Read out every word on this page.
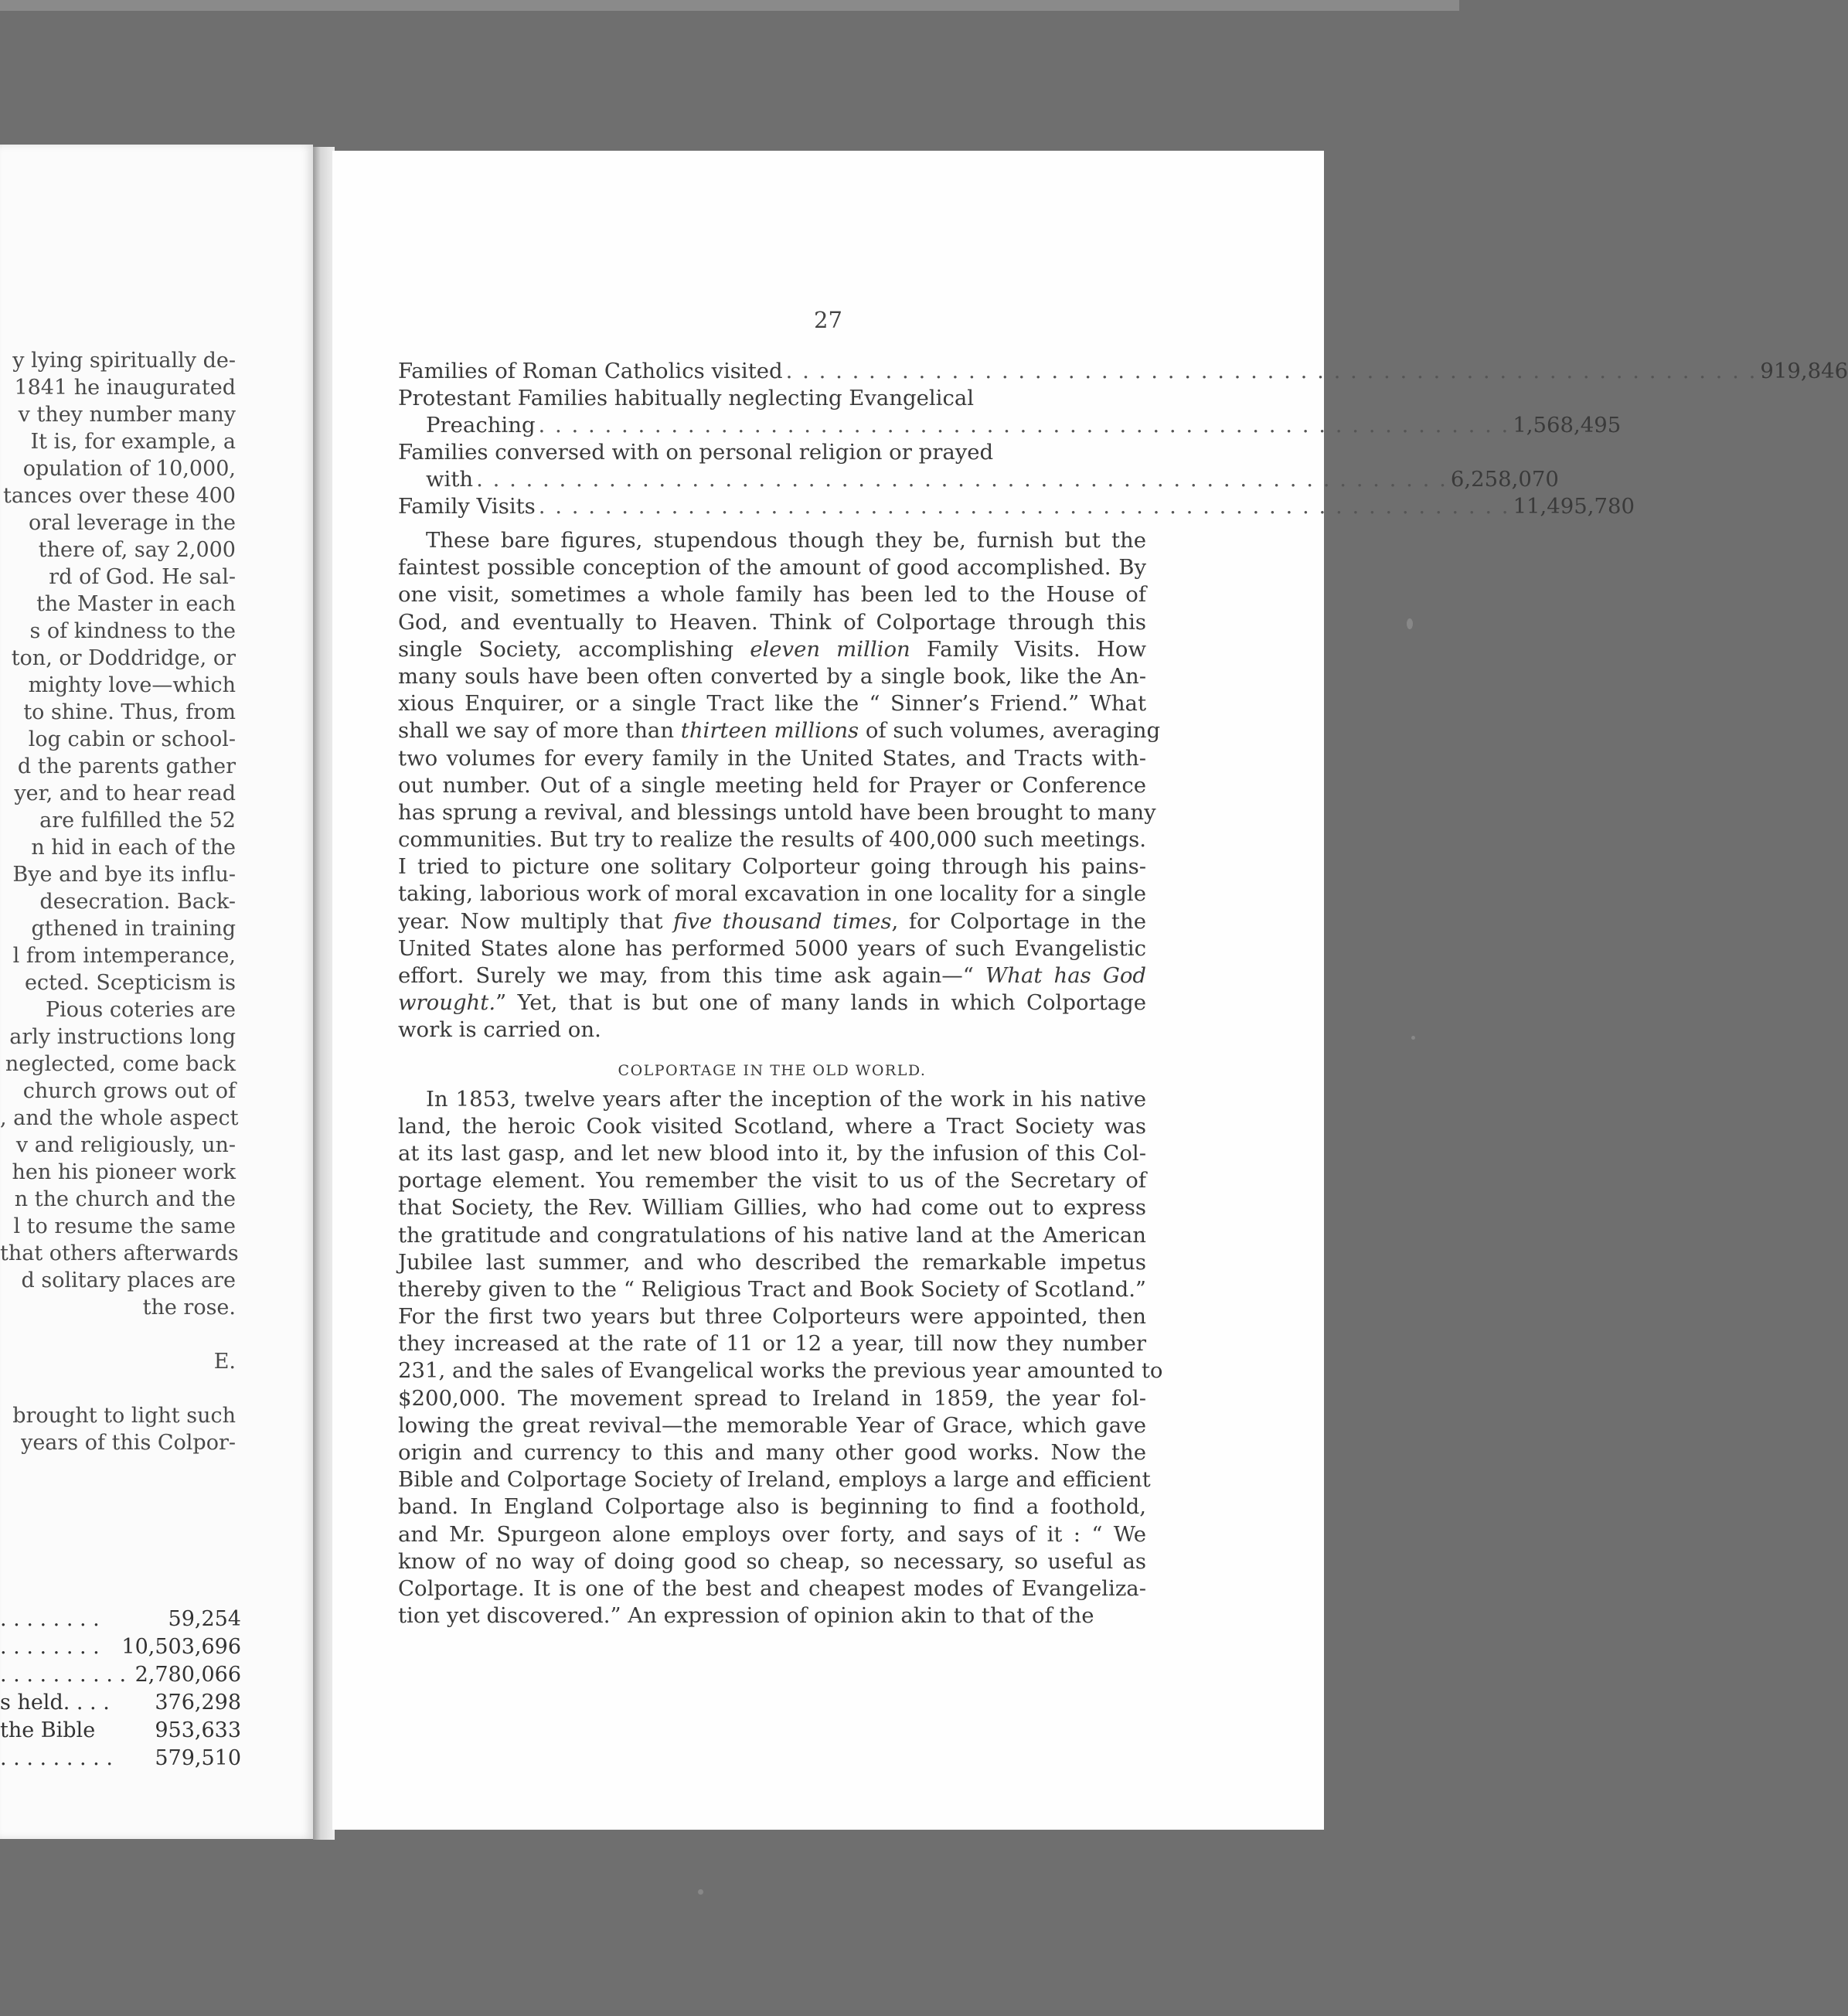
y lying spiritually de-
1841 he inaugurated
v they number many
It is, for example, a
opulation of 10,000,
tances over these 400
oral leverage in the
there of, say 2,000
rd of God. He sal-
the Master in each
s of kindness to the
ton, or Doddridge, or
mighty love—which
to shine. Thus, from
log cabin or school-
d the parents gather
yer, and to hear read
are fulfilled the 52
n hid in each of the
Bye and bye its influ-
desecration. Back-
gthened in training
l from intemperance,
ected. Scepticism is
Pious coteries are
arly instructions long
neglected, come back
church grows out of
, and the whole aspect
v and religiously, un-
hen his pioneer work
n the church and the
l to resume the same
that others afterwards
d solitary places are
the rose.
E.
brought to light such
years of this Colpor-
. . . . . . . .	59,254
. . . . . . . . 10,503,696
. . . . . . . . . . 2,780,066
s held. . . . 376,298
the Bible	953,633
. . . . . . . . . 579,510
27
Families of Roman Catholics visited . . . . . . . . . . . . . . . . . . . . . . . . . . . . . . . . . . . . . . . . . . . . . . . . . . . . . . . . . . . 919,846
Protestant Families habitually neglecting Evangelical
Preaching . . . . . . . . . . . . . . . . . . . . . . . . . . . . . . . . . . . . . . . . . . . . . . . . . . . . . . . . . . . 1,568,495
Families conversed with on personal religion or prayed
with . . . . . . . . . . . . . . . . . . . . . . . . . . . . . . . . . . . . . . . . . . . . . . . . . . . . . . . . . . . 6,258,070
Family Visits . . . . . . . . . . . . . . . . . . . . . . . . . . . . . . . . . . . . . . . . . . . . . . . . . . . . . . . . . . . 11,495,780
These bare figures, stupendous though they be, furnish but the
faintest possible conception of the amount of good accomplished. By
one visit, sometimes a whole family has been led to the House of
God, and eventually to Heaven. Think of Colportage through this
single Society, accomplishing eleven million Family Visits. How
many souls have been often converted by a single book, like the An-
xious Enquirer, or a single Tract like the “ Sinner’s Friend.” What
shall we say of more than thirteen millions of such volumes, averaging
two volumes for every family in the United States, and Tracts with-
out number. Out of a single meeting held for Prayer or Conference
has sprung a revival, and blessings untold have been brought to many
communities. But try to realize the results of 400,000 such meetings.
I tried to picture one solitary Colporteur going through his pains-
taking, laborious work of moral excavation in one locality for a single
year. Now multiply that five thousand times, for Colportage in the
United States alone has performed 5000 years of such Evangelistic
effort. Surely we may, from this time ask again—“ What has God
wrought.” Yet, that is but one of many lands in which Colportage
work is carried on.
COLPORTAGE IN THE OLD WORLD.
In 1853, twelve years after the inception of the work in his native
land, the heroic Cook visited Scotland, where a Tract Society was
at its last gasp, and let new blood into it, by the infusion of this Col-
portage element. You remember the visit to us of the Secretary of
that Society, the Rev. William Gillies, who had come out to express
the gratitude and congratulations of his native land at the American
Jubilee last summer, and who described the remarkable impetus
thereby given to the “ Religious Tract and Book Society of Scotland.”
For the first two years but three Colporteurs were appointed, then
they increased at the rate of 11 or 12 a year, till now they number
231, and the sales of Evangelical works the previous year amounted to
$200,000. The movement spread to Ireland in 1859, the year fol-
lowing the great revival—the memorable Year of Grace, which gave
origin and currency to this and many other good works. Now the
Bible and Colportage Society of Ireland, employs a large and efficient
band. In England Colportage also is beginning to find a foothold,
and Mr. Spurgeon alone employs over forty, and says of it : “ We
know of no way of doing good so cheap, so necessary, so useful as
Colportage. It is one of the best and cheapest modes of Evangeliza-
tion yet discovered.” An expression of opinion akin to that of the
